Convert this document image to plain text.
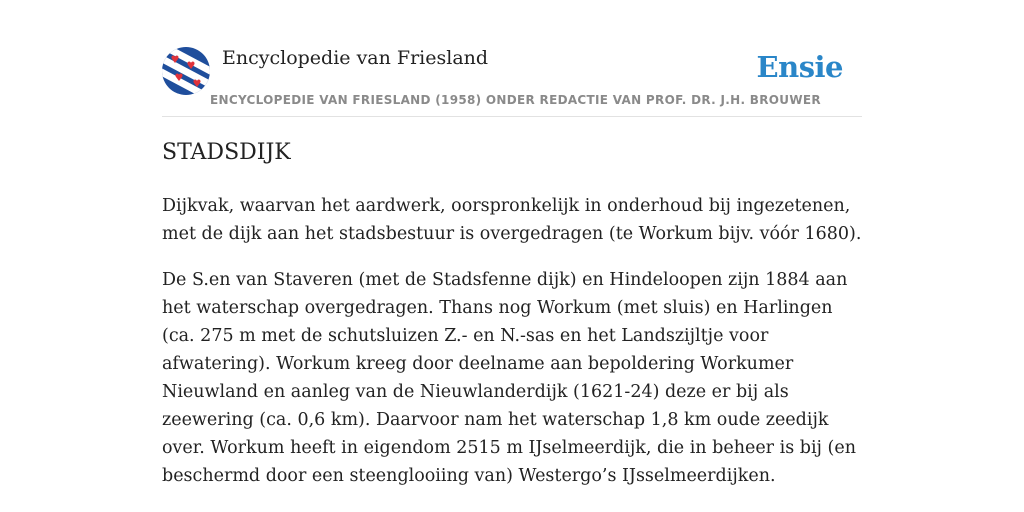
Encyclopedie van Friesland
ENCYCLOPEDIE VAN FRIESLAND (1958) ONDER REDACTIE VAN PROF. DR. J.H. BROUWER
Ensie
STADSDIJK

Dijkvak, waarvan het aardwerk, oorspronkelijk in onderhoud bij ingezetenen, met de dijk aan het stadsbestuur is overgedragen (te Workum bijv. vóór 1680).

De S.en van Staveren (met de Stadsfenne dijk) en Hindeloopen zijn 1884 aan het waterschap overgedragen. Thans nog Workum (met sluis) en Harlingen (ca. 275 m met de schutsluizen Z.- en N.-sas en het Landszijltje voor afwatering). Workum kreeg door deelname aan bepoldering Workumer Nieuwland en aanleg van de Nieuwlanderdijk (1621-24) deze er bij als zeewering (ca. 0,6 km). Daarvoor nam het waterschap 1,8 km oude zeedijk over. Workum heeft in eigendom 2515 m IJselmeerdijk, die in beheer is bij (en beschermd door een steenglooiing van) Westergo’s IJsselmeerdijken.
